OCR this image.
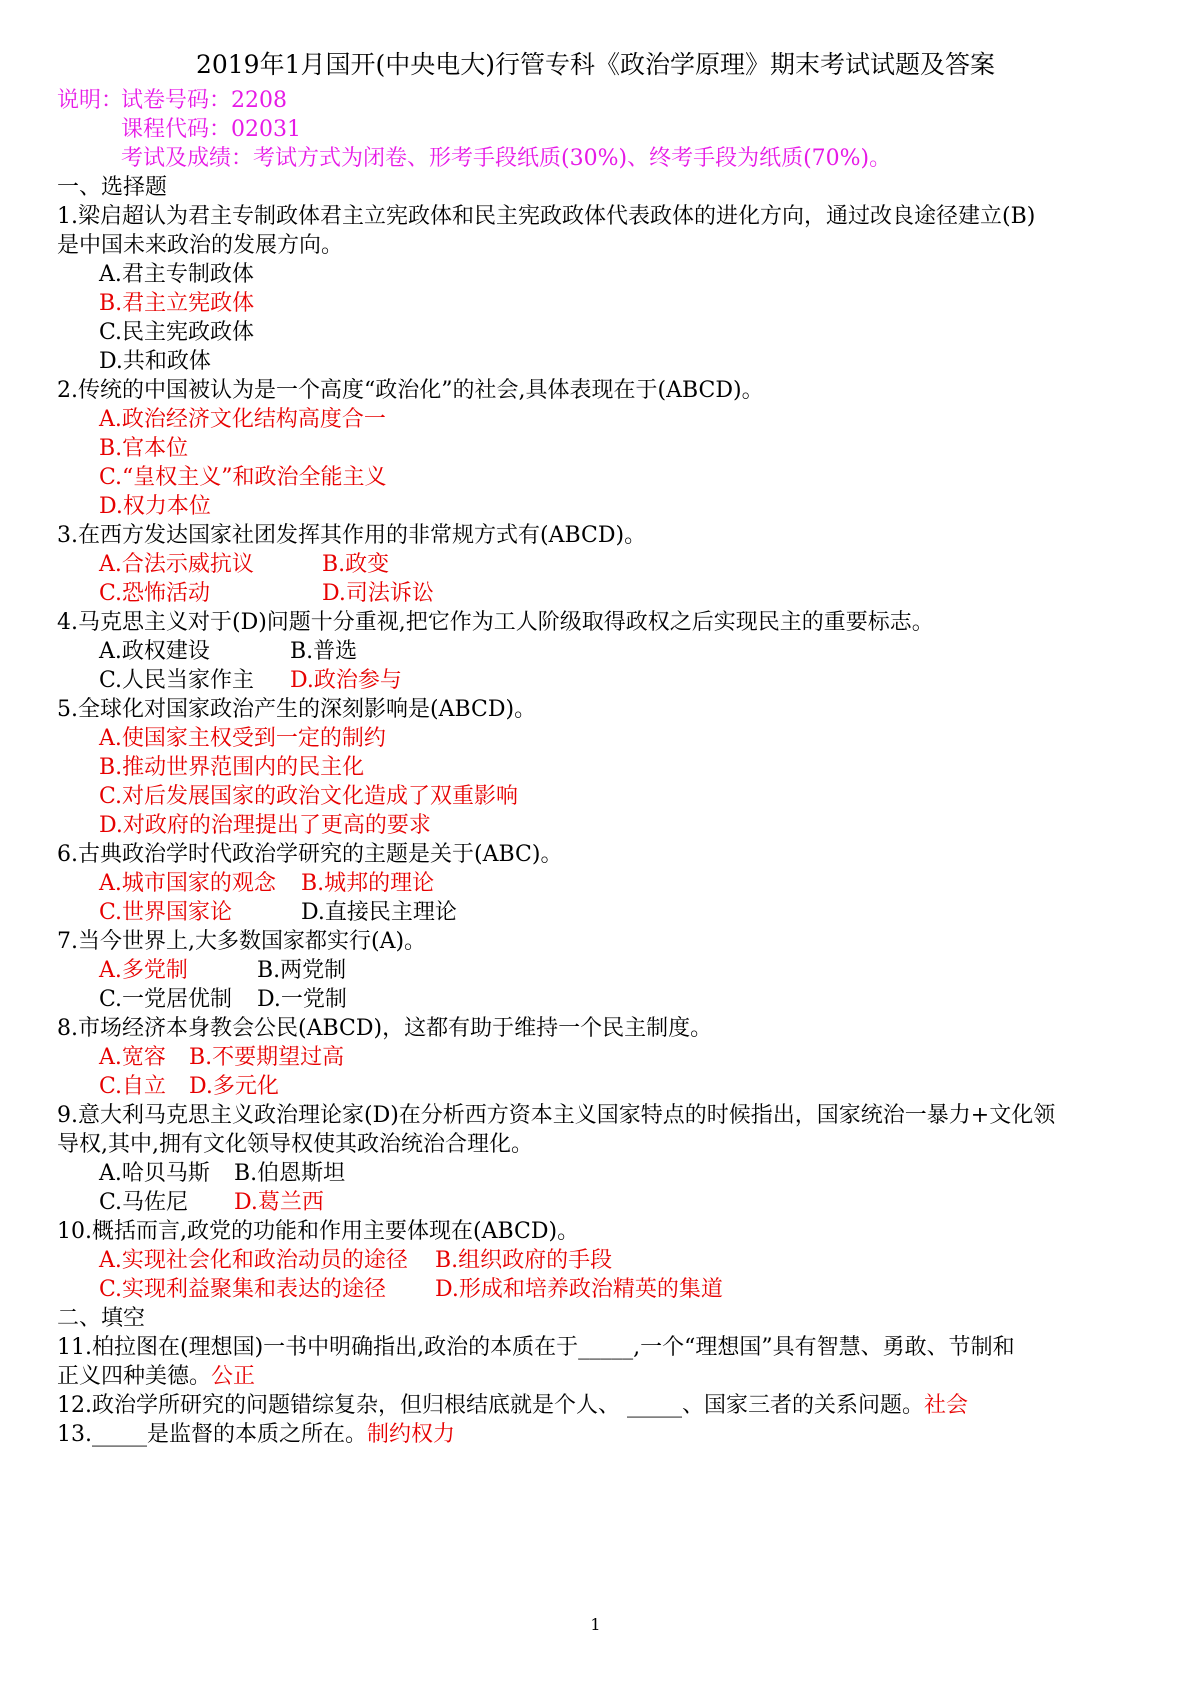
2019年1月国开(中央电大)行管专科《政治学原理》期末考试试题及答案
说明：
试卷号码：2208
课程代码：02031
考试及成绩：考试方式为闭卷、形考手段纸质(30%)、终考手段为纸质(70%)。
一、选择题
1.梁启超认为君主专制政体君主立宪政体和民主宪政政体代表政体的进化方向，通过改良途径建立(B)
是中国未来政治的发展方向。
A.君主专制政体
B.君主立宪政体
C.民主宪政政体
D.共和政体
2.传统的中国被认为是一个高度“政治化”的社会,具体表现在于(ABCD)。
A.政治经济文化结构高度合一
B.官本位
C.“皇权主义”和政治全能主义
D.权力本位
3.在西方发达国家社团发挥其作用的非常规方式有(ABCD)。
A.合法示威抗议	B.政变
C.恐怖活动	D.司法诉讼
4.马克思主义对于(D)问题十分重视,把它作为工人阶级取得政权之后实现民主的重要标志。
A.政权建设	B.普选
C.人民当家作主 D.政治参与
5.全球化对国家政治产生的深刻影响是(ABCD)。
A.使国家主权受到一定的制约
B.推动世界范围内的民主化
C.对后发展国家的政治文化造成了双重影响
D.对政府的治理提出了更高的要求
6.古典政治学时代政治学研究的主题是关于(ABC)。
A.城市国家的观念 B.城邦的理论
C.世界国家论	D.直接民主理论
7.当今世界上,大多数国家都实行(A)。
A.多党制	B.两党制
C.一党居优制 D.一党制
8.市场经济本身教会公民(ABCD)，这都有助于维持一个民主制度。
A.宽容 B.不要期望过高
C.自立 D.多元化
9.意大利马克思主义政治理论家(D)在分析西方资本主义国家特点的时候指出，国家统治一暴力+文化领
导权,其中,拥有文化领导权使其政治统治合理化。
A.哈贝马斯 B.伯恩斯坦
C.马佐尼 D.葛兰西
10.概括而言,政党的功能和作用主要体现在(ABCD)。
A.实现社会化和政治动员的途径 B.组织政府的手段
C.实现利益聚集和表达的途径 D.形成和培养政治精英的集道
二、填空
11.柏拉图在(理想国)一书中明确指出,政治的本质在于_____,一个“理想国”具有智慧、勇敢、节制和
正义四种美德。公正
12.政治学所研究的问题错综复杂，但归根结底就是个人、 _____、国家三者的关系问题。社会
13._____是监督的本质之所在。制约权力
1
